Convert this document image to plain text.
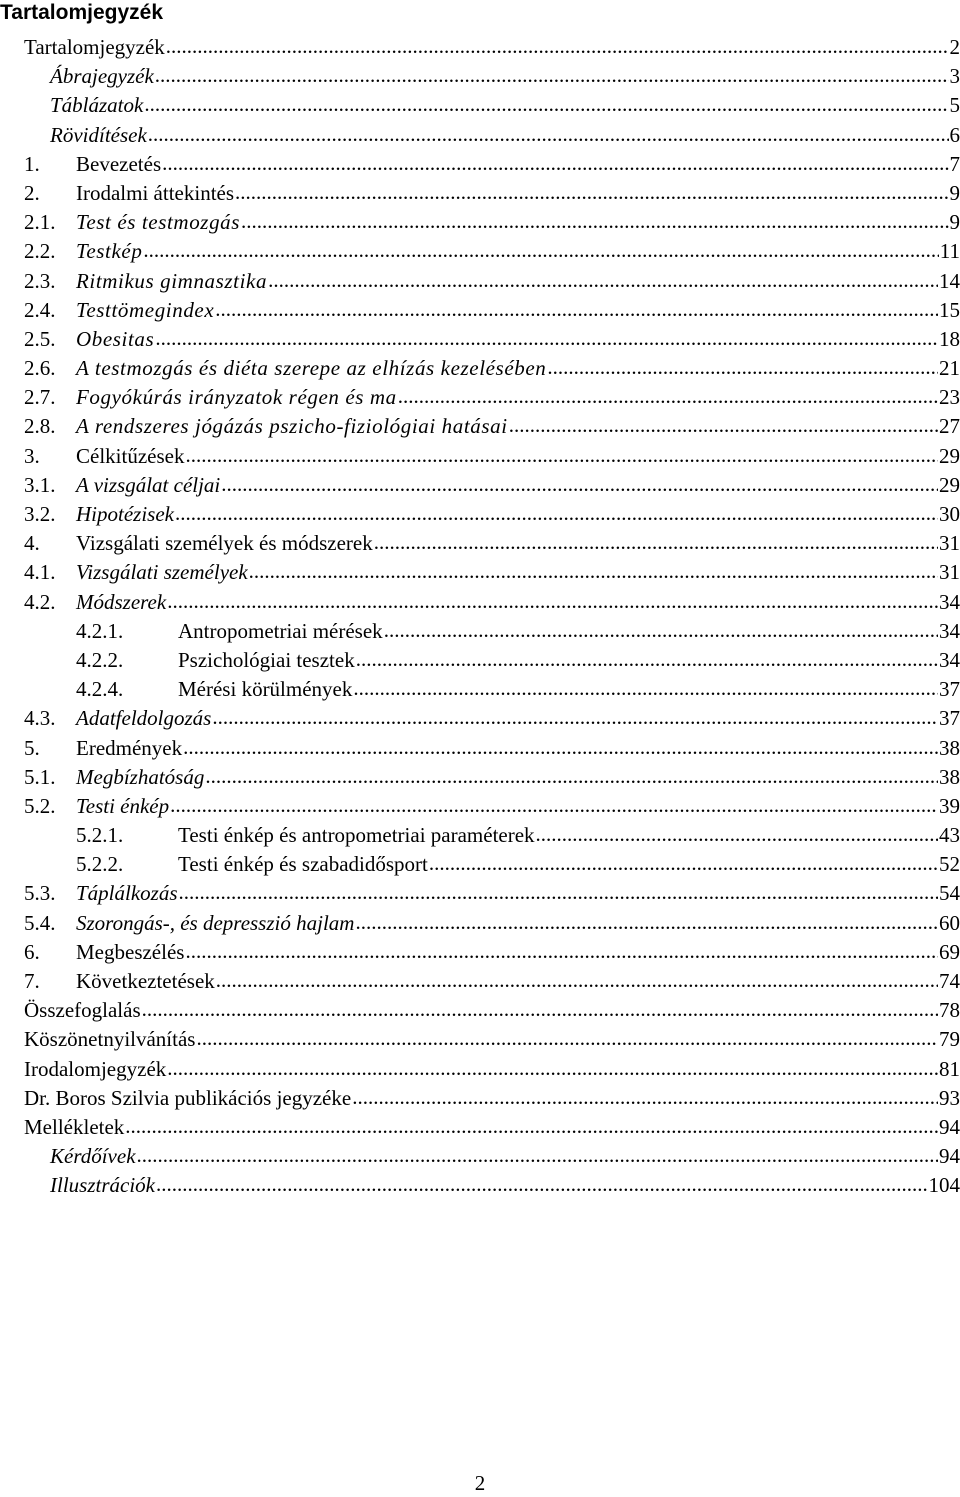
Tartalomjegyzék
Tartalomjegyzék .....	2
Ábrajegyzék .....	3
Táblázatok .....	5
Rövidítések .....	6
1.	Bevezetés .....	7
2.	Irodalmi áttekintés .....	9
2.1. Test és testmozgás .....	9
2.2. Testkép .....	11
2.3. Ritmikus gimnasztika .....	14
2.4. Testtömegindex .....	15
2.5. Obesitas .....	18
2.6. A testmozgás és diéta szerepe az elhízás kezelésében .....	21
2.7. Fogyókúrás irányzatok régen és ma .....	23
2.8. A rendszeres jógázás pszicho-fiziológiai hatásai .....	27
3.	Célkitűzések .....	29
3.1. A vizsgálat céljai .....	29
3.2. Hipotézisek .....	30
4.	Vizsgálati személyek és módszerek .....	31
4.1. Vizsgálati személyek .....	31
4.2. Módszerek .....	34
4.2.1.	Antropometriai mérések .....	34
4.2.2.	Pszichológiai tesztek .....	34
4.2.4.	Mérési körülmények .....	37
4.3. Adatfeldolgozás .....	37
5.	Eredmények .....	38
5.1. Megbízhatóság .....	38
5.2. Testi énkép .....	39
5.2.1.	Testi énkép és antropometriai paraméterek .....	43
5.2.2.	Testi énkép és szabadidősport .....	52
5.3. Táplálkozás .....	54
5.4. Szorongás-, és depresszió hajlam .....	60
6.	Megbeszélés .....	69
7.	Következtetések .....	74
Összefoglalás .....	78
Köszönetnyilvánítás .....	79
Irodalomjegyzék .....	81
Dr. Boros Szilvia publikációs jegyzéke .....	93
Mellékletek .....	94
Kérdőívek .....	94
Illusztrációk .....	104
2
